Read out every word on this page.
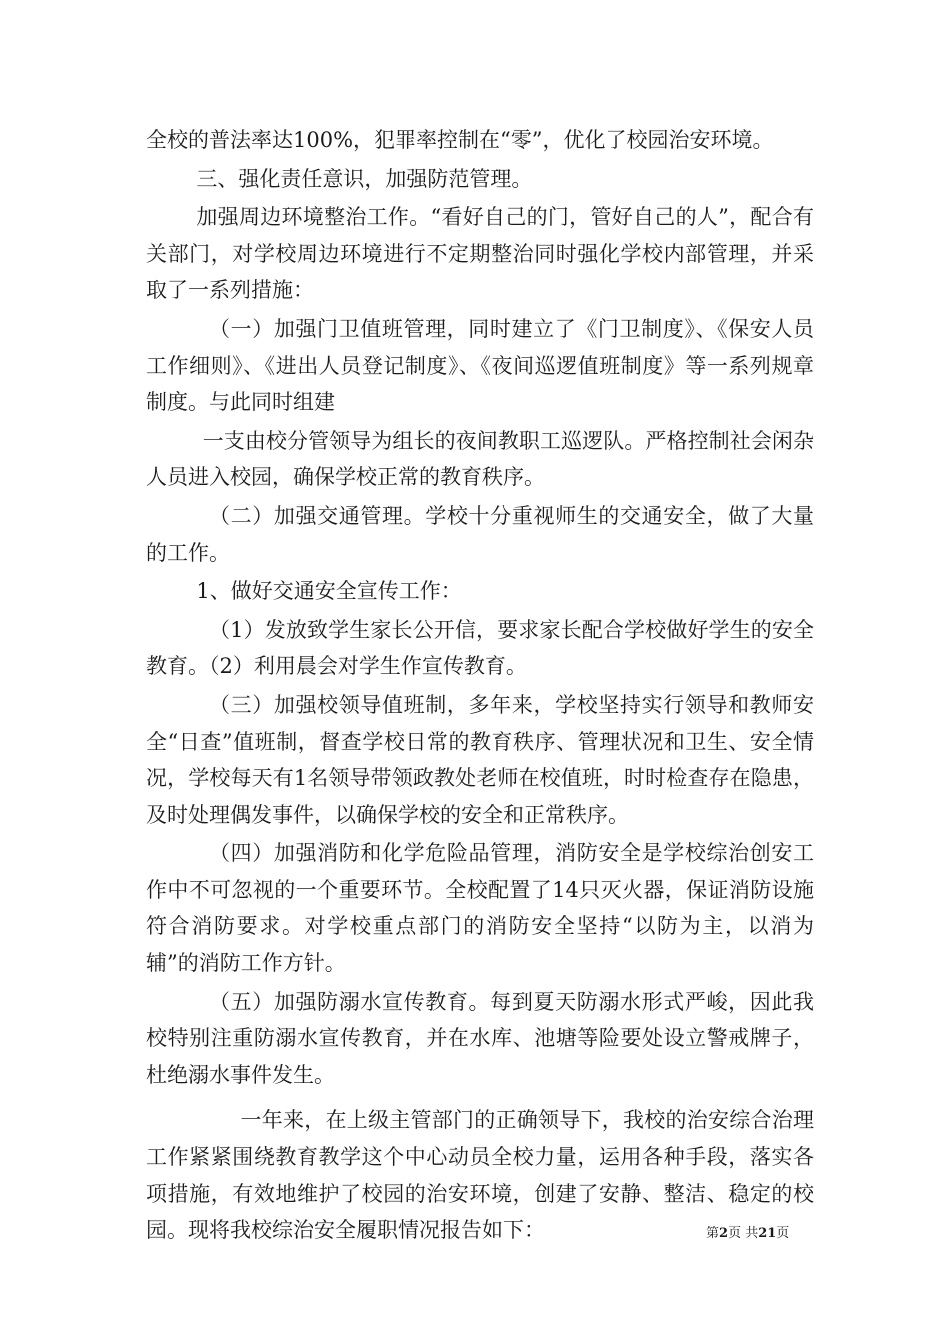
全校的普法率达100%，犯罪率控制在“零”，优化了校园治安环境。

三、强化责任意识，加强防范管理。

加强周边环境整治工作。“看好自己的门，管好自己的人”，配合有关部门，对学校周边环境进行不定期整治同时强化学校内部管理，并采取了一系列措施：

（一）加强门卫值班管理，同时建立了《门卫制度》、《保安人员工作细则》、《进出人员登记制度》、《夜间巡逻值班制度》等一系列规章制度。与此同时组建

一支由校分管领导为组长的夜间教职工巡逻队。严格控制社会闲杂人员进入校园，确保学校正常的教育秩序。

（二）加强交通管理。学校十分重视师生的交通安全，做了大量的工作。

1、做好交通安全宣传工作：

（1）发放致学生家长公开信，要求家长配合学校做好学生的安全教育。（2）利用晨会对学生作宣传教育。

（三）加强校领导值班制，多年来，学校坚持实行领导和教师安全“日查”值班制，督查学校日常的教育秩序、管理状况和卫生、安全情况，学校每天有1名领导带领政教处老师在校值班，时时检查存在隐患，及时处理偶发事件，以确保学校的安全和正常秩序。

（四）加强消防和化学危险品管理，消防安全是学校综治创安工作中不可忽视的一个重要环节。全校配置了14只灭火器，保证消防设施符合消防要求。对学校重点部门的消防安全坚持“以防为主，以消为辅”的消防工作方针。

（五）加强防溺水宣传教育。每到夏天防溺水形式严峻，因此我校特别注重防溺水宣传教育，并在水库、池塘等险要处设立警戒牌子，杜绝溺水事件发生。

一年来，在上级主管部门的正确领导下，我校的治安综合治理工作紧紧围绕教育教学这个中心动员全校力量，运用各种手段，落实各项措施，有效地维护了校园的治安环境，创建了安静、整洁、稳定的校园。现将我校综治安全履职情况报告如下：	第2页 共21页
